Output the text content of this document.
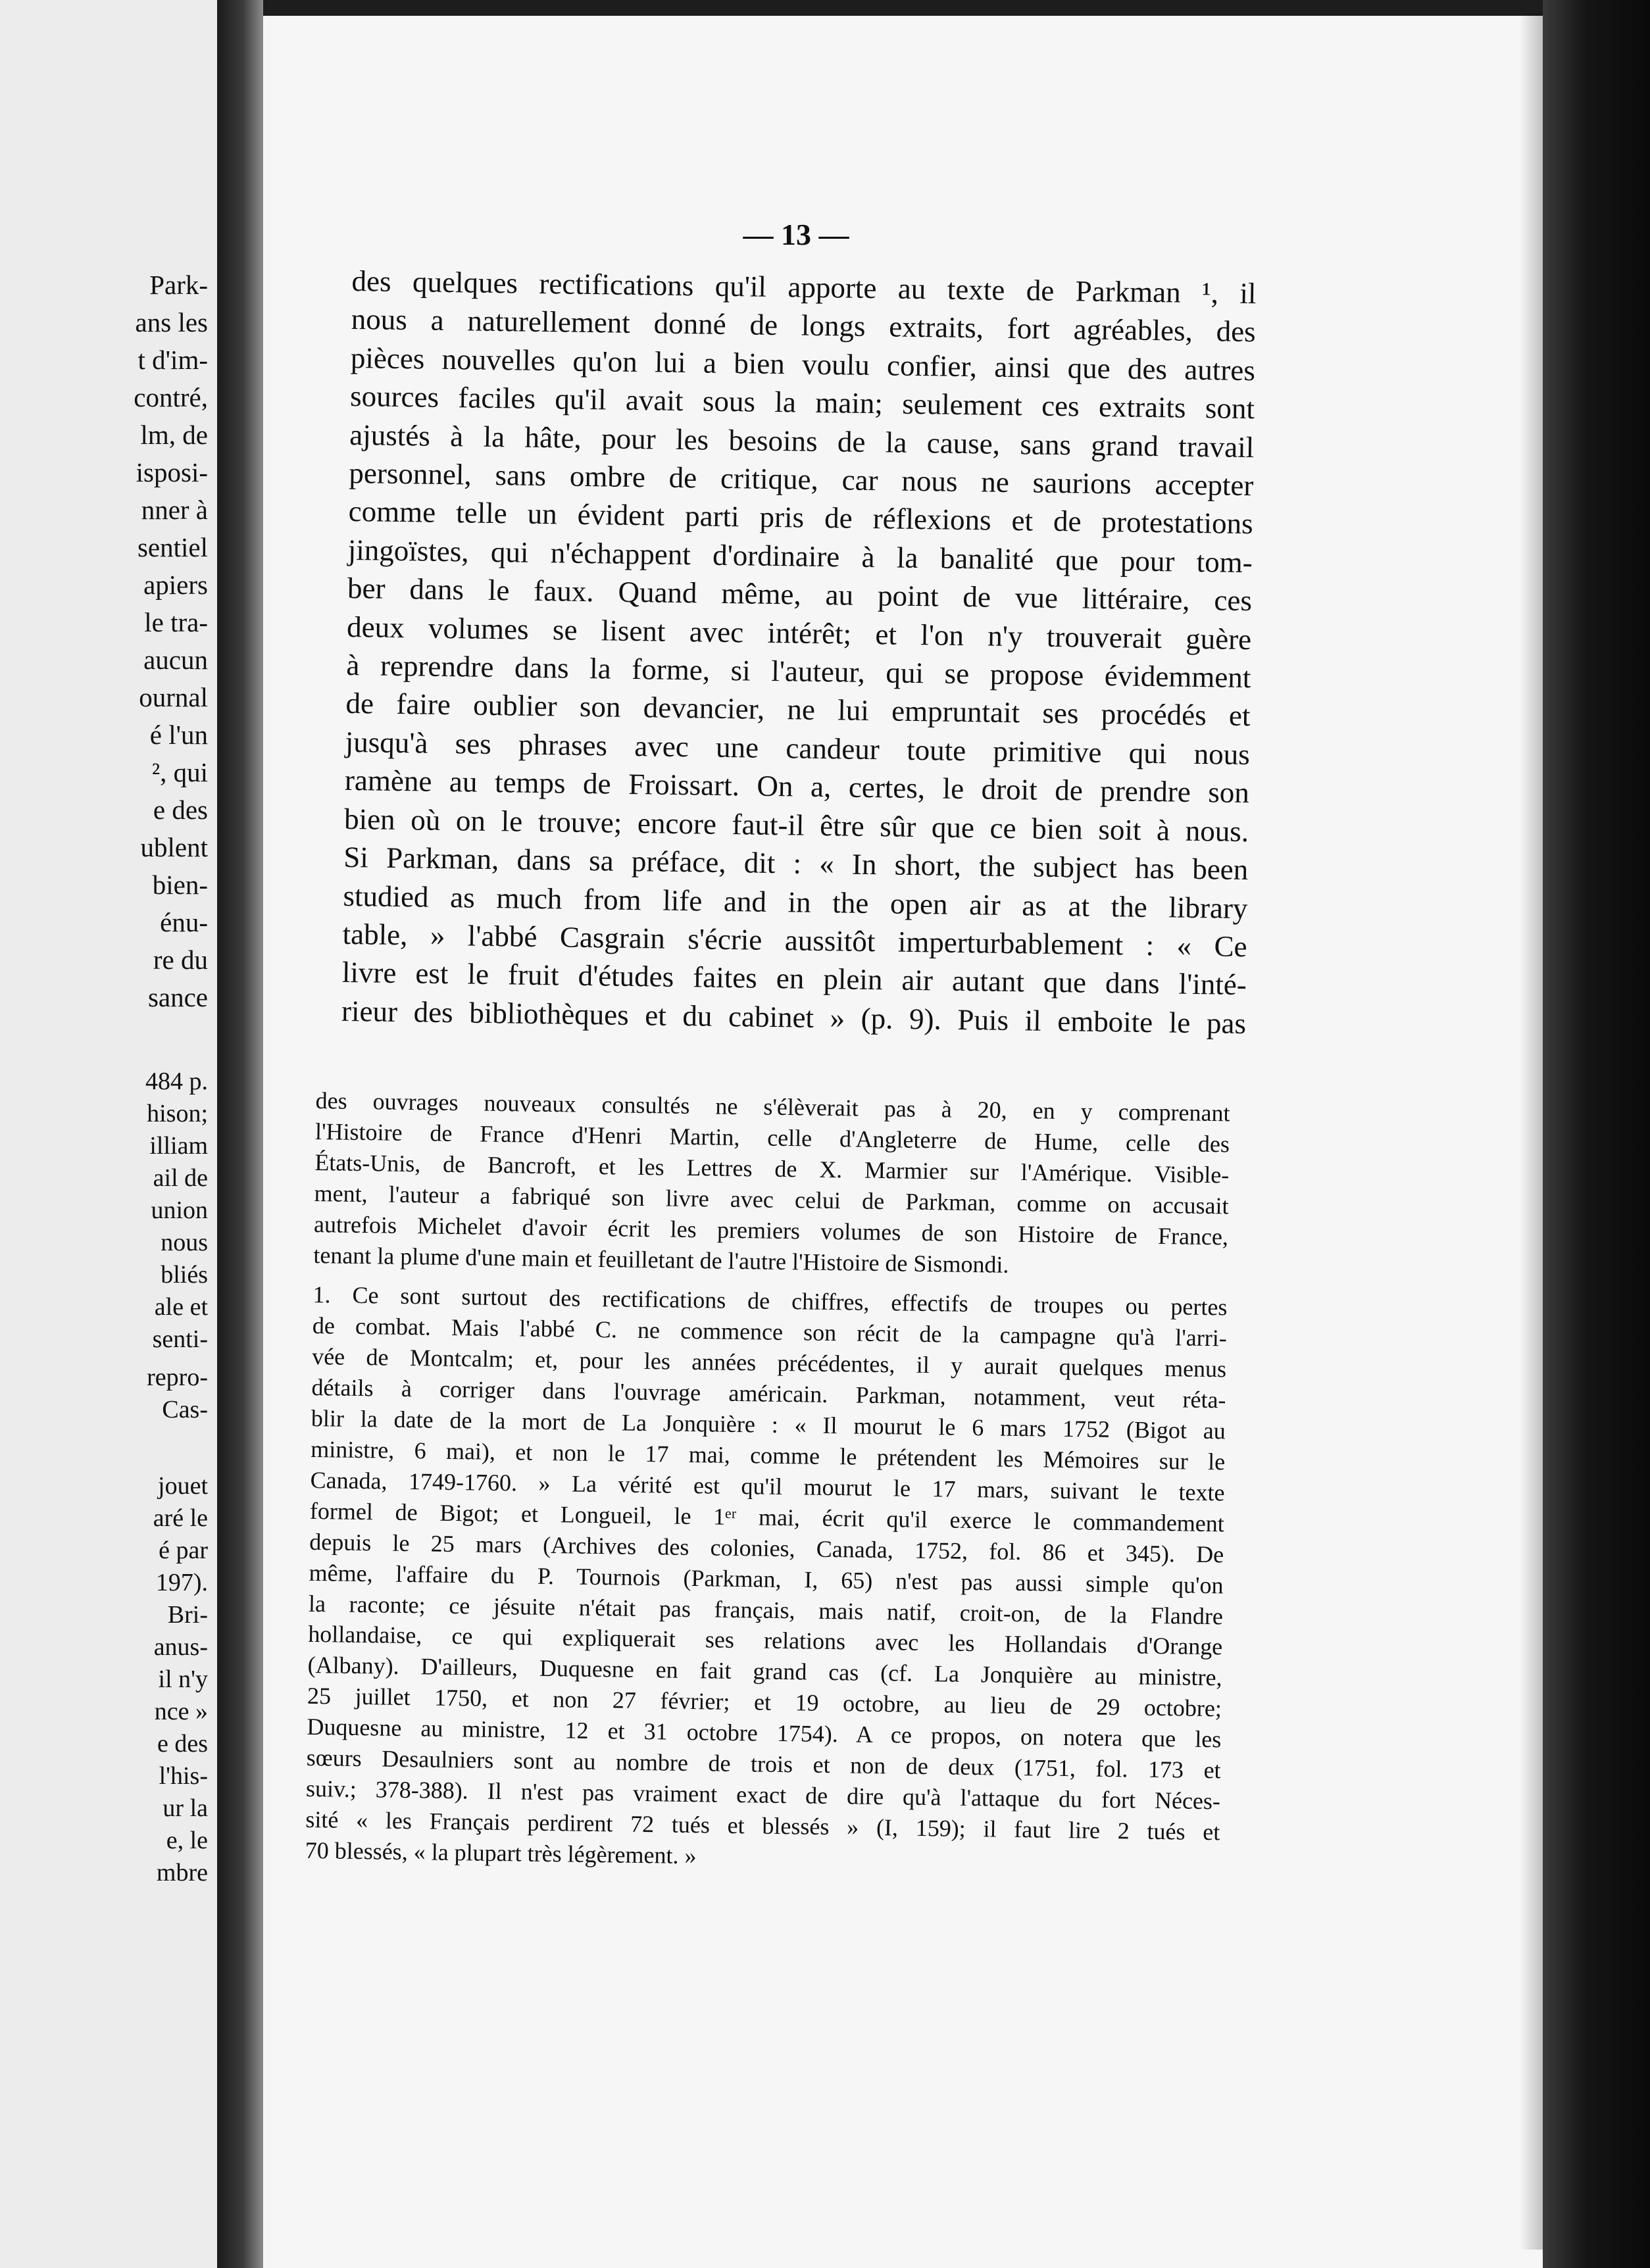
Park-
ans les
t d'im-
contré,
lm, de
isposi-
nner à
sentiel
apiers
le tra-
aucun
ournal
é l'un
², qui
e des
ublent
bien-
énu-
re du
sance
484 p.
hison;
illiam
ail de
union
nous
bliés
ale et
senti-
repro-
Cas-
jouet
aré le
é par
197).
Bri-
anus-
il n'y
nce »
e des
l'his-
ur la
e, le
mbre

— 13 —

des quelques rectifications qu'il apporte au texte de Parkman ¹, il
nous a naturellement donné de longs extraits, fort agréables, des
pièces nouvelles qu'on lui a bien voulu confier, ainsi que des autres
sources faciles qu'il avait sous la main; seulement ces extraits sont
ajustés à la hâte, pour les besoins de la cause, sans grand travail
personnel, sans ombre de critique, car nous ne saurions accepter
comme telle un évident parti pris de réflexions et de protestations
jingoïstes, qui n'échappent d'ordinaire à la banalité que pour tom-
ber dans le faux. Quand même, au point de vue littéraire, ces
deux volumes se lisent avec intérêt; et l'on n'y trouverait guère
à reprendre dans la forme, si l'auteur, qui se propose évidemment
de faire oublier son devancier, ne lui empruntait ses procédés et
jusqu'à ses phrases avec une candeur toute primitive qui nous
ramène au temps de Froissart. On a, certes, le droit de prendre son
bien où on le trouve; encore faut-il être sûr que ce bien soit à nous.
Si Parkman, dans sa préface, dit : « In short, the subject has been
studied as much from life and in the open air as at the library
table, » l'abbé Casgrain s'écrie aussitôt imperturbablement : « Ce
livre est le fruit d'études faites en plein air autant que dans l'inté-
rieur des bibliothèques et du cabinet » (p. 9). Puis il emboite le pas
des ouvrages nouveaux consultés ne s'élèverait pas à 20, en y comprenant
l'Histoire de France d'Henri Martin, celle d'Angleterre de Hume, celle des
États-Unis, de Bancroft, et les Lettres de X. Marmier sur l'Amérique. Visible-
ment, l'auteur a fabriqué son livre avec celui de Parkman, comme on accusait
autrefois Michelet d'avoir écrit les premiers volumes de son Histoire de France,
tenant la plume d'une main et feuilletant de l'autre l'Histoire de Sismondi.
1. Ce sont surtout des rectifications de chiffres, effectifs de troupes ou pertes
de combat. Mais l'abbé C. ne commence son récit de la campagne qu'à l'arri-
vée de Montcalm; et, pour les années précédentes, il y aurait quelques menus
détails à corriger dans l'ouvrage américain. Parkman, notamment, veut réta-
blir la date de la mort de La Jonquière : « Il mourut le 6 mars 1752 (Bigot au
ministre, 6 mai), et non le 17 mai, comme le prétendent les Mémoires sur le
Canada, 1749-1760. » La vérité est qu'il mourut le 17 mars, suivant le texte
formel de Bigot; et Longueil, le 1ᵉʳ mai, écrit qu'il exerce le commandement
depuis le 25 mars (Archives des colonies, Canada, 1752, fol. 86 et 345). De
même, l'affaire du P. Tournois (Parkman, I, 65) n'est pas aussi simple qu'on
la raconte; ce jésuite n'était pas français, mais natif, croit-on, de la Flandre
hollandaise, ce qui expliquerait ses relations avec les Hollandais d'Orange
(Albany). D'ailleurs, Duquesne en fait grand cas (cf. La Jonquière au ministre,
25 juillet 1750, et non 27 février; et 19 octobre, au lieu de 29 octobre;
Duquesne au ministre, 12 et 31 octobre 1754). A ce propos, on notera que les
sœurs Desaulniers sont au nombre de trois et non de deux (1751, fol. 173 et
suiv.; 378-388). Il n'est pas vraiment exact de dire qu'à l'attaque du fort Néces-
sité « les Français perdirent 72 tués et blessés » (I, 159); il faut lire 2 tués et
70 blessés, « la plupart très légèrement. »
